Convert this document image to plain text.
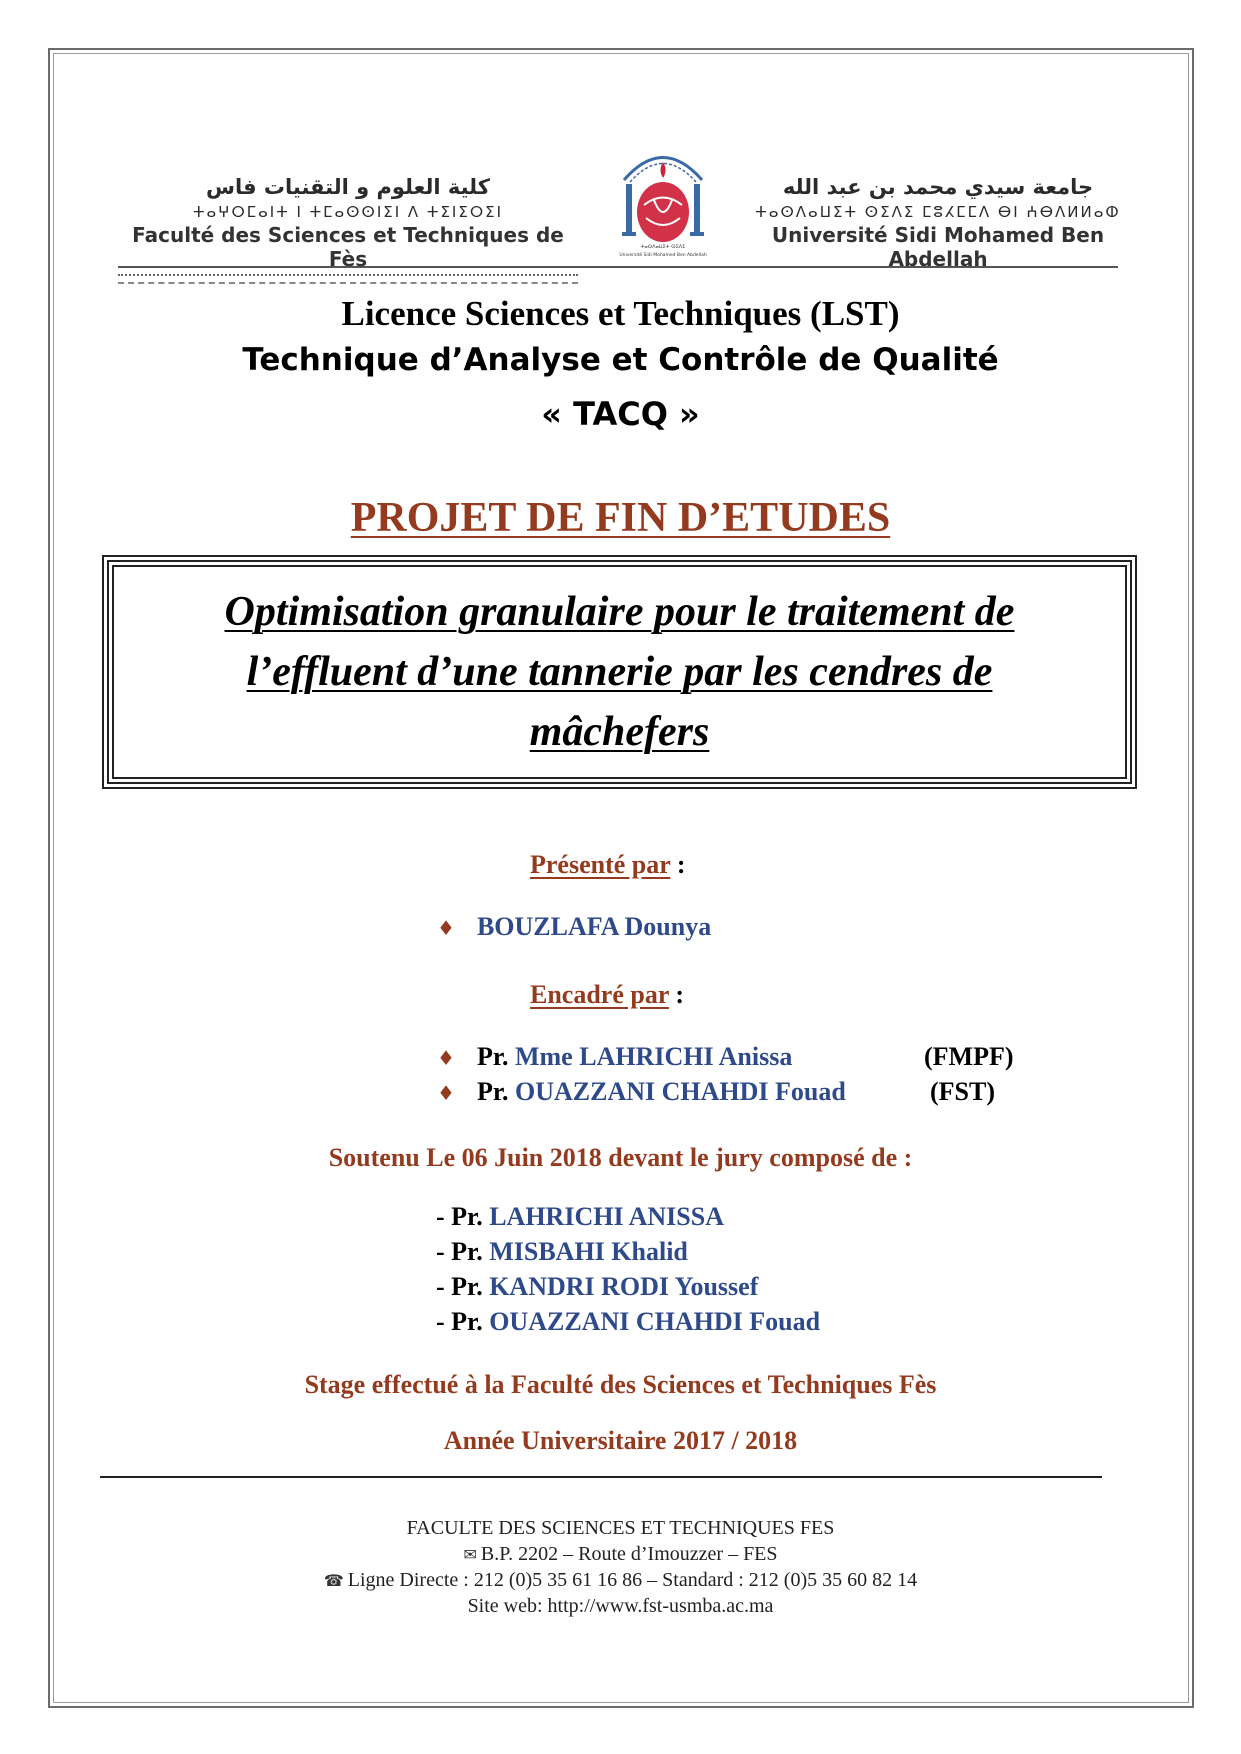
كلية العلوم و التقنيات فاس
ⵜⴰⵖⵔⵎⴰⵏⵜ ⵏ ⵜⵎⴰⵙⵙⵏⵉⵏ ⴷ ⵜⵉⵏⵉⵔⵉⵏ
Faculté des Sciences et Techniques de Fès	ⵜⴰⵙⴷⴰⵡⵉⵜ ⵙⵉⴷⵉ
Université Sidi Mohamed Ben Abdellah
جامعة سيدي محمد بن عبد الله
ⵜⴰⵙⴷⴰⵡⵉⵜ ⵙⵉⴷⵉ ⵎⵓⵃⵎⵎⴷ ⴱⵏ ⵄⴱⴷⵍⵍⴰⵀ
Université Sidi Mohamed Ben Abdellah
Licence Sciences et Techniques (LST)
Technique d’Analyse et Contrôle de Qualité
« TACQ »
PROJET DE FIN D’ETUDES
Optimisation granulaire pour le traitement de
l’effluent d’une tannerie par les cendres de
mâchefers
Présenté par :
♦ BOUZLAFA Dounya
Encadré par :
♦ Pr. Mme LAHRICHI Anissa	(FMPF)
♦ Pr. OUAZZANI CHAHDI Fouad	(FST)
Soutenu Le 06 Juin 2018 devant le jury composé de :
- Pr. LAHRICHI ANISSA
- Pr. MISBAHI Khalid
- Pr. KANDRI RODI Youssef
- Pr. OUAZZANI CHAHDI Fouad
Stage effectué à la Faculté des Sciences et Techniques Fès
Année Universitaire 2017 / 2018
FACULTE DES SCIENCES ET TECHNIQUES FES
✉ B.P. 2202 – Route d’Imouzzer – FES
☎ Ligne Directe : 212 (0)5 35 61 16 86 – Standard : 212 (0)5 35 60 82 14
Site web: http://www.fst-usmba.ac.ma
